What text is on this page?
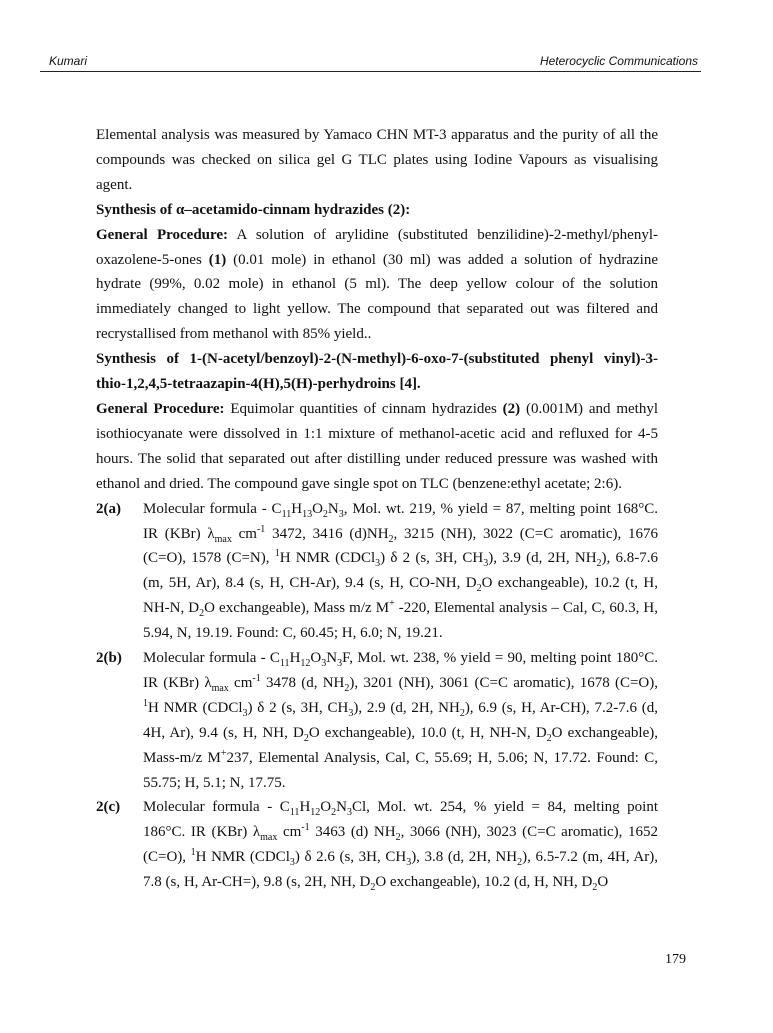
Kumari	Heterocyclic Communications

Elemental analysis was measured by Yamaco CHN MT-3 apparatus and the purity of all the compounds was checked on silica gel G TLC plates using Iodine Vapours as visualising agent.

Synthesis of α–acetamido-cinnam hydrazides (2):

General Procedure: A solution of arylidine (substituted benzilidine)-2-methyl/phenyl-oxazolene-5-ones (1) (0.01 mole) in ethanol (30 ml) was added a solution of hydrazine hydrate (99%, 0.02 mole) in ethanol (5 ml). The deep yellow colour of the solution immediately changed to light yellow. The compound that separated out was filtered and recrystallised from methanol with 85% yield..

Synthesis of 1-(N-acetyl/benzoyl)-2-(N-methyl)-6-oxo-7-(substituted phenyl vinyl)-3-thio-1,2,4,5-tetraazapin-4(H),5(H)-perhydroins [4].

General Procedure: Equimolar quantities of cinnam hydrazides (2) (0.001M) and methyl isothiocyanate were dissolved in 1:1 mixture of methanol-acetic acid and refluxed for 4-5 hours. The solid that separated out after distilling under reduced pressure was washed with ethanol and dried. The compound gave single spot on TLC (benzene:ethyl acetate; 2:6).

2(a)	Molecular formula - $C_{11}H_{13}O_2N_3$, Mol. wt. 219, % yield = 87, melting point 168°C. IR (KBr) $\lambda_{max}$ $cm^{-1}$ 3472, 3416 $(d)NH_2$, 3215 (NH), 3022 (C=C aromatic), 1676 (C=O), 1578 (C=N), $^1$H NMR (CDCl$_3$) δ 2 (s, 3H, $CH_3$), 3.9 (d, 2H, $NH_2$), 6.8-7.6 (m, 5H, Ar), 8.4 (s, H, CH-Ar), 9.4 (s, H, CO-NH, $D_2O$ exchangeable), 10.2 (t, H, NH-N, $D_2O$ exchangeable), Mass m/z M+ -220, Elemental analysis – Cal, C, 60.3, H, 5.94, N, 19.19. Found: C, 60.45; H, 6.0; N, 19.21.
2(b)	Molecular formula - $C_{11}H_{12}O_3N_3F$, Mol. wt. 238, % yield = 90, melting point 180°C. IR (KBr) $\lambda_{max}$ $cm^{-1}$ 3478 (d, $NH_2$), 3201 (NH), 3061 (C=C aromatic), 1678 (C=O), $^1$H NMR (CDCl$_3$) δ 2 (s, 3H, $CH_3$), 2.9 (d, 2H, $NH_2$), 6.9 (s, H, Ar-CH), 7.2-7.6 (d, 4H, Ar), 9.4 (s, H, NH, $D_2O$ exchangeable), 10.0 (t, H, NH-N, $D_2O$ exchangeable), Mass-m/z M+237, Elemental Analysis, Cal, C, 55.69; H, 5.06; N, 17.72. Found: C, 55.75; H, 5.1; N, 17.75.
2(c)	Molecular formula - $C_{11}H_{12}O_2N_3Cl$, Mol. wt. 254, % yield = 84, melting point 186°C. IR (KBr) $\lambda_{max}$ $cm^{-1}$ 3463 (d) $NH_2$, 3066 (NH), 3023 (C=C aromatic), 1652 (C=O), $^1$H NMR (CDCl$_3$) δ 2.6 (s, 3H, $CH_3$), 3.8 (d, 2H, $NH_2$), 6.5-7.2 (m, 4H, Ar), 7.8 (s, H, Ar-CH=), 9.8 (s, 2H, NH, $D_2O$ exchangeable), 10.2 (d, H, NH, $D_2O$
179
